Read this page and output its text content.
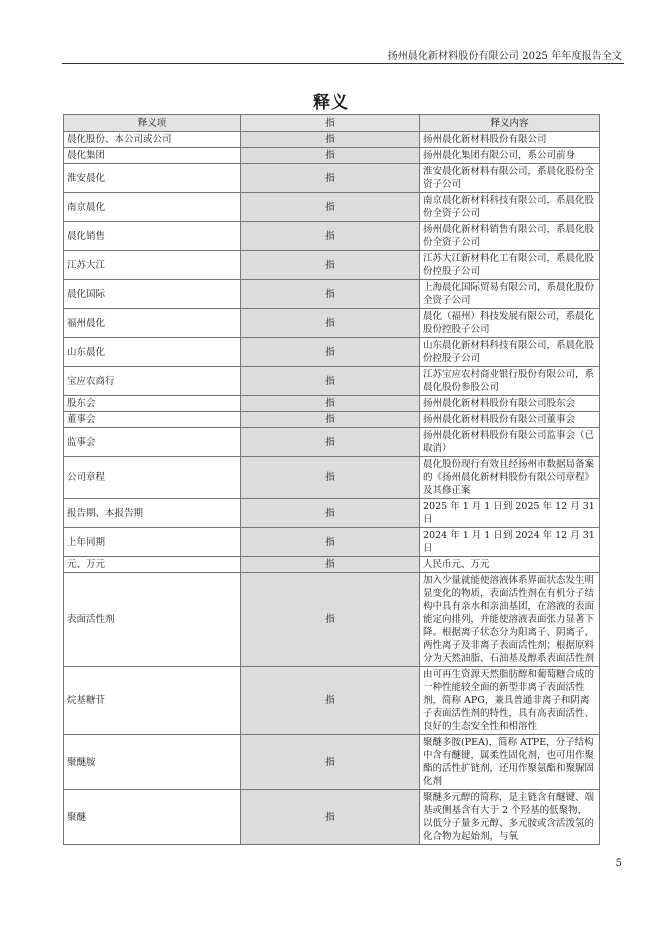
扬州晨化新材料股份有限公司 2025 年年度报告全文
释义
释义项	指	释义内容
晨化股份、本公司或公司	指	扬州晨化新材料股份有限公司
晨化集团	指	扬州晨化集团有限公司，系公司前身
淮安晨化	指	淮安晨化新材料有限公司，系晨化股份全资子公司
南京晨化	指	南京晨化新材料科技有限公司，系晨化股份全资子公司
晨化销售	指	扬州晨化新材料销售有限公司，系晨化股份全资子公司
江苏大江	指	江苏大江新材料化工有限公司，系晨化股份控股子公司
晨化国际	指	上海晨化国际贸易有限公司，系晨化股份全资子公司
福州晨化	指	晨化（福州）科技发展有限公司，系晨化股份控股子公司
山东晨化	指	山东晨化新材料科技有限公司，系晨化股份控股子公司
宝应农商行	指	江苏宝应农村商业银行股份有限公司，系晨化股份参股公司
股东会	指	扬州晨化新材料股份有限公司股东会
董事会	指	扬州晨化新材料股份有限公司董事会
监事会	指	扬州晨化新材料股份有限公司监事会（已取消）
公司章程	指	晨化股份现行有效且经扬州市数据局备案的《扬州晨化新材料股份有限公司章程》及其修正案
报告期、本报告期	指	2025 年 1 月 1 日到 2025 年 12 月 31 日
上年同期	指	2024 年 1 月 1 日到 2024 年 12 月 31 日
元、万元	指	人民币元、万元
表面活性剂	指	加入少量就能使溶液体系界面状态发生明显变化的物质，表面活性剂在有机分子结构中具有亲水和亲油基团，在溶液的表面能定向排列，并能使溶液表面张力显著下降。根据离子状态分为阳离子、阴离子、两性离子及非离子表面活性剂；根据原料分为天然油脂、石油基及醇系表面活性剂
烷基糖苷	指	由可再生资源天然脂肪醇和葡萄糖合成的一种性能较全面的新型非离子表面活性剂，简称 APG，兼具普通非离子和阴离子表面活性剂的特性，具有高表面活性、良好的生态安全性和相溶性
聚醚胺	指	聚醚多胺(PEA)，简称 ATPE，分子结构中含有醚键，属柔性固化剂，也可用作聚酯的活性扩链剂，还用作聚氨酯和聚脲固化剂
聚醚	指	聚醚多元醇的简称，是主链含有醚键、端基或侧基含有大于 2 个羟基的低聚物，以低分子量多元醇、多元胺或含活泼氢的化合物为起始剂，与氧
5
